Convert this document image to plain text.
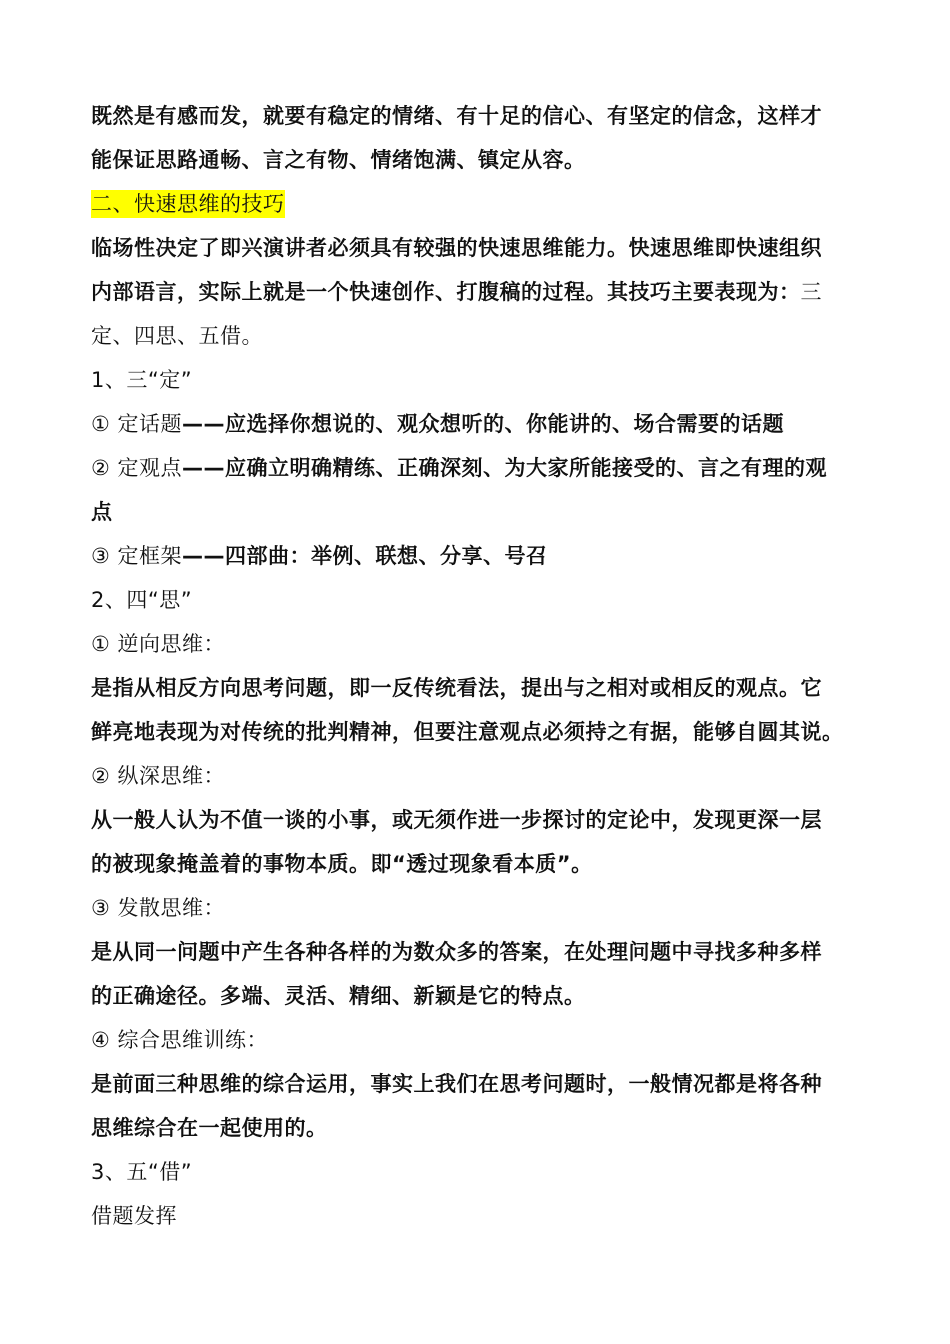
既然是有感而发，就要有稳定的情绪、有十足的信心、有坚定的信念，这样才
能保证思路通畅、言之有物、情绪饱满、镇定从容。
二、快速思维的技巧
临场性决定了即兴演讲者必须具有较强的快速思维能力。快速思维即快速组织
内部语言，实际上就是一个快速创作、打腹稿的过程。其技巧主要表现为：三
定、四思、五借。
1、三“定”
① 定话题——应选择你想说的、观众想听的、你能讲的、场合需要的话题
② 定观点——应确立明确精练、正确深刻、为大家所能接受的、言之有理的观
点
③ 定框架——四部曲：举例、联想、分享、号召
2、四“思”
① 逆向思维：
是指从相反方向思考问题，即一反传统看法，提出与之相对或相反的观点。它
鲜亮地表现为对传统的批判精神，但要注意观点必须持之有据，能够自圆其说。
② 纵深思维：
从一般人认为不值一谈的小事，或无须作进一步探讨的定论中，发现更深一层
的被现象掩盖着的事物本质。即“透过现象看本质”。
③ 发散思维：
是从同一问题中产生各种各样的为数众多的答案，在处理问题中寻找多种多样
的正确途径。多端、灵活、精细、新颖是它的特点。
④ 综合思维训练：
是前面三种思维的综合运用，事实上我们在思考问题时，一般情况都是将各种
思维综合在一起使用的。
3、五“借”
借题发挥
